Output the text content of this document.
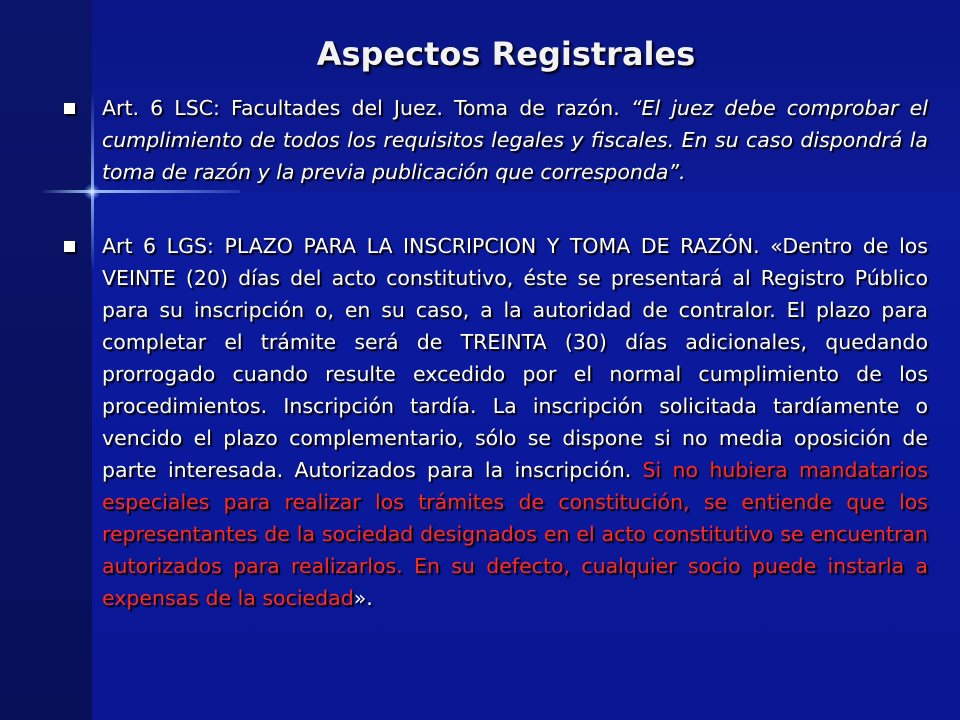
Aspectos Registrales
Art. 6 LSC: Facultades del Juez. Toma de razón. “El juez debe comprobar el cumplimiento de todos los requisitos legales y fiscales. En su caso dispondrá la toma de razón y la previa publicación que corresponda”.
Art 6 LGS: PLAZO PARA LA INSCRIPCION Y TOMA DE RAZÓN. «Dentro de los VEINTE (20) días del acto constitutivo, éste se presentará al Registro Público para su inscripción o, en su caso, a la autoridad de contralor. El plazo para completar el trámite será de TREINTA (30) días adicionales, quedando prorrogado cuando resulte excedido por el normal cumplimiento de los procedimientos. Inscripción tardía. La inscripción solicitada tardíamente o vencido el plazo complementario, sólo se dispone si no media oposición de parte interesada. Autorizados para la inscripción. Si no hubiera mandatarios especiales para realizar los trámites de constitución, se entiende que los representantes de la sociedad designados en el acto constitutivo se encuentran autorizados para realizarlos. En su defecto, cualquier socio puede instarla a expensas de la sociedad».
